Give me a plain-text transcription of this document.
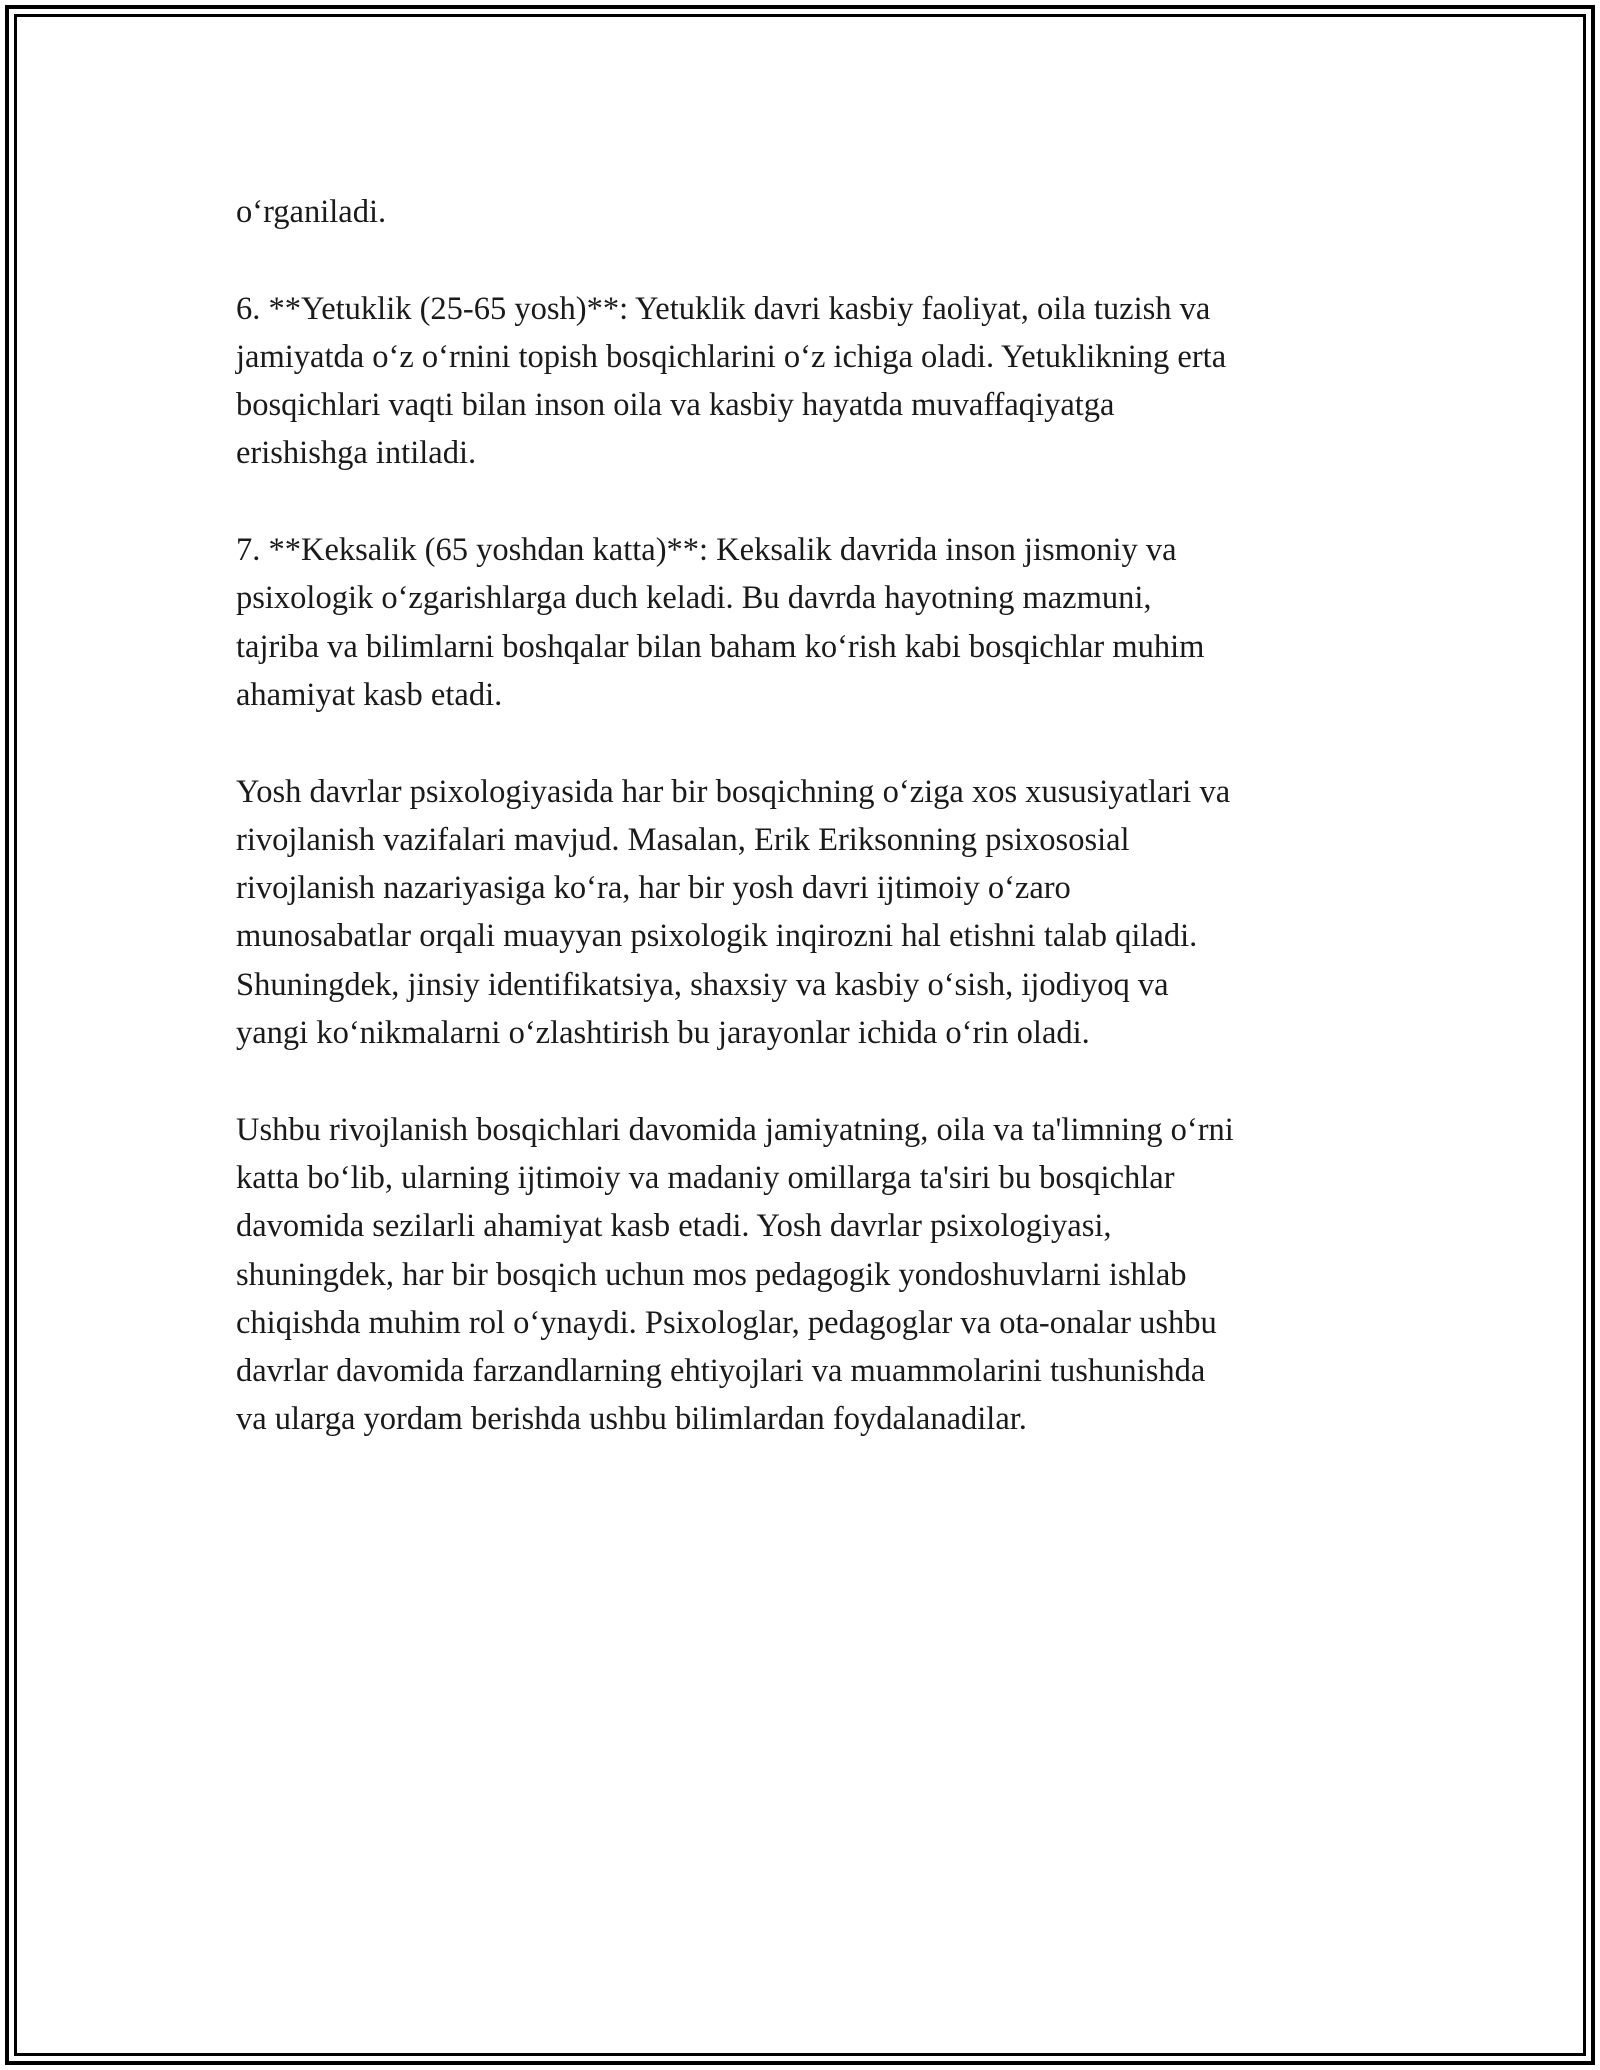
o‘rganiladi.

6. **Yetuklik (25-65 yosh)**: Yetuklik davri kasbiy faoliyat, oila tuzish va
jamiyatda o‘z o‘rnini topish bosqichlarini o‘z ichiga oladi. Yetuklikning erta
bosqichlari vaqti bilan inson oila va kasbiy hayatda muvaffaqiyatga
erishishga intiladi.

7. **Keksalik (65 yoshdan katta)**: Keksalik davrida inson jismoniy va
psixologik o‘zgarishlarga duch keladi. Bu davrda hayotning mazmuni,
tajriba va bilimlarni boshqalar bilan baham ko‘rish kabi bosqichlar muhim
ahamiyat kasb etadi.

Yosh davrlar psixologiyasida har bir bosqichning o‘ziga xos xususiyatlari va
rivojlanish vazifalari mavjud. Masalan, Erik Eriksonning psixososial
rivojlanish nazariyasiga ko‘ra, har bir yosh davri ijtimoiy o‘zaro
munosabatlar orqali muayyan psixologik inqirozni hal etishni talab qiladi.
Shuningdek, jinsiy identifikatsiya, shaxsiy va kasbiy o‘sish, ijodiyoq va
yangi ko‘nikmalarni o‘zlashtirish bu jarayonlar ichida o‘rin oladi.

Ushbu rivojlanish bosqichlari davomida jamiyatning, oila va ta'limning o‘rni
katta bo‘lib, ularning ijtimoiy va madaniy omillarga ta'siri bu bosqichlar
davomida sezilarli ahamiyat kasb etadi. Yosh davrlar psixologiyasi,
shuningdek, har bir bosqich uchun mos pedagogik yondoshuvlarni ishlab
chiqishda muhim rol o‘ynaydi. Psixologlar, pedagoglar va ota-onalar ushbu
davrlar davomida farzandlarning ehtiyojlari va muammolarini tushunishda
va ularga yordam berishda ushbu bilimlardan foydalanadilar.
